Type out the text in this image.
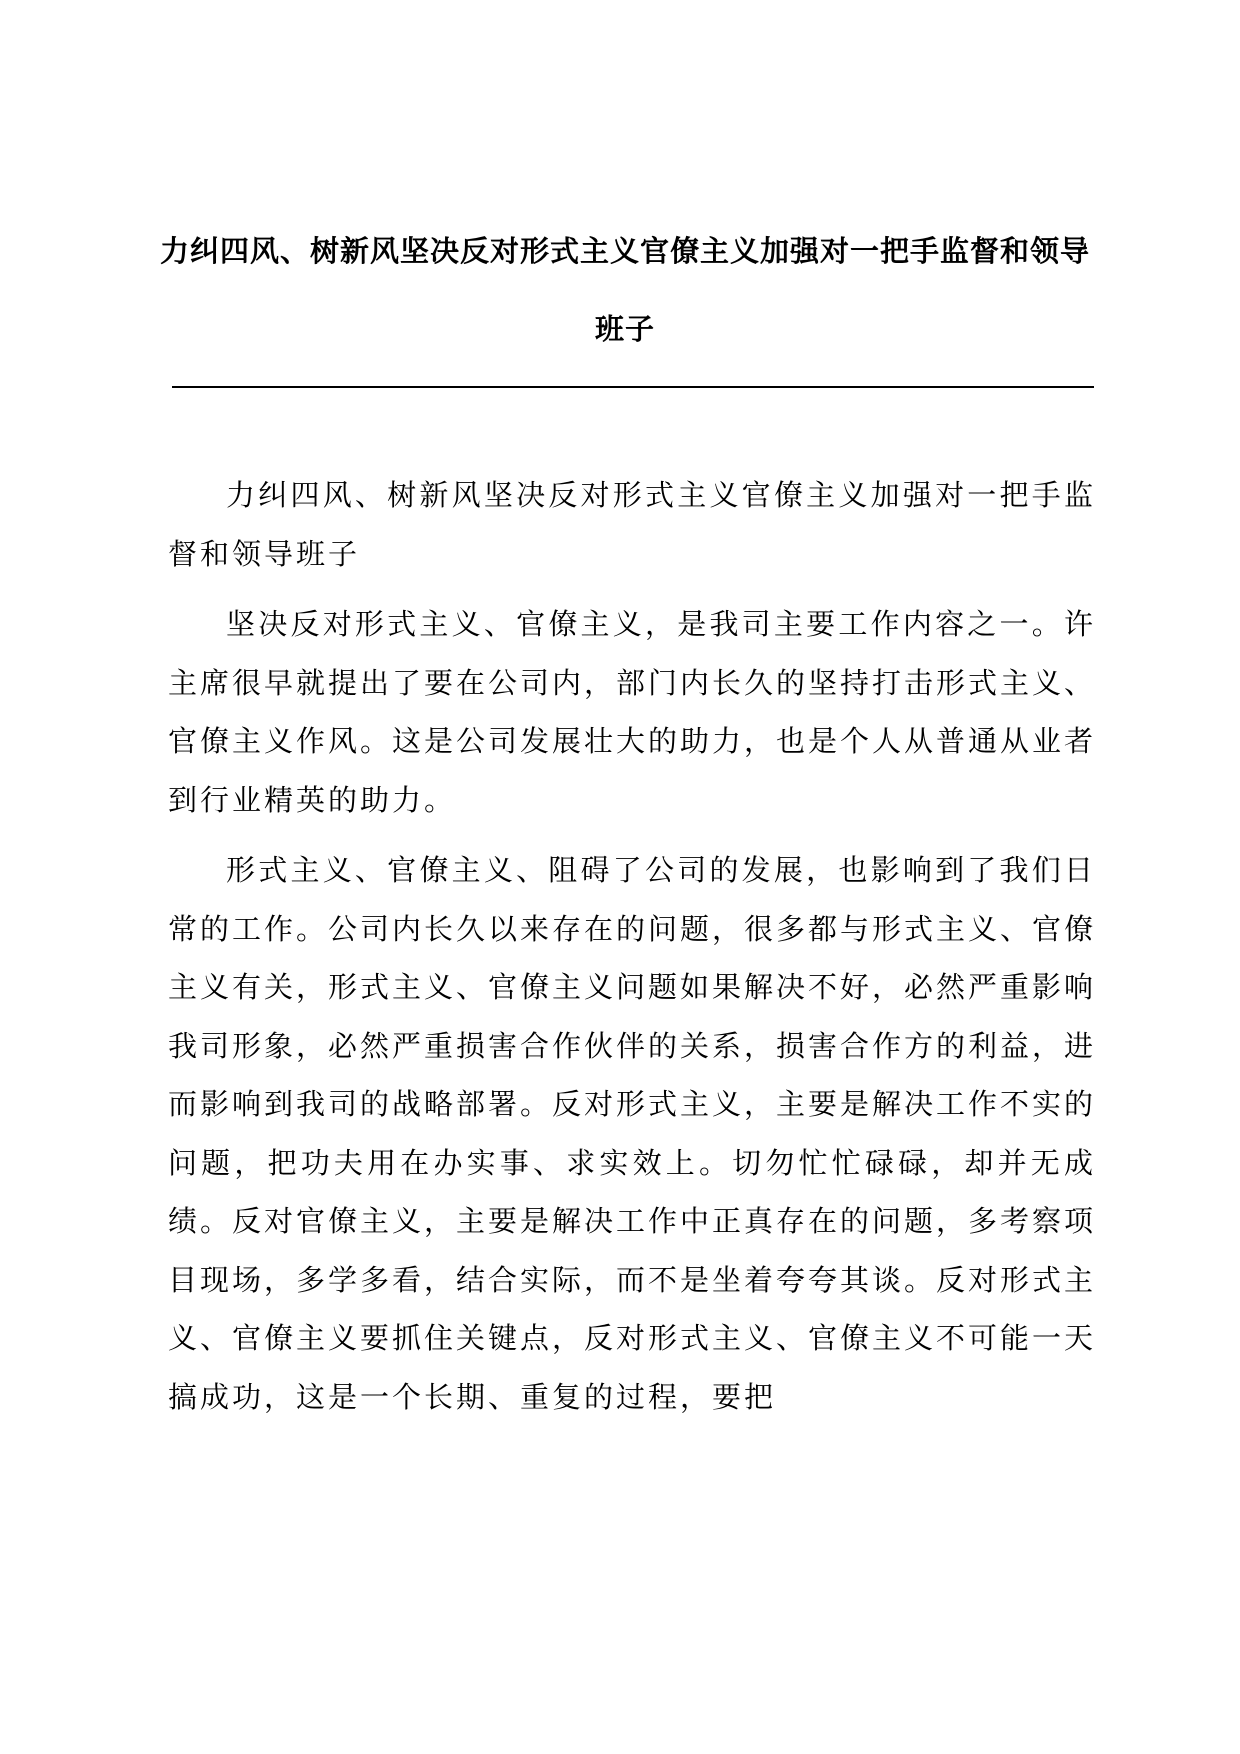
力纠四风、树新风坚决反对形式主义官僚主义加强对一把手监督和领导班子

力纠四风、树新风坚决反对形式主义官僚主义加强对一把手监督和领导班子

坚决反对形式主义、官僚主义，是我司主要工作内容之一。许主席很早就提出了要在公司内，部门内长久的坚持打击形式主义、官僚主义作风。这是公司发展壮大的助力，也是个人从普通从业者到行业精英的助力。

形式主义、官僚主义、阻碍了公司的发展，也影响到了我们日常的工作。公司内长久以来存在的问题，很多都与形式主义、官僚主义有关，形式主义、官僚主义问题如果解决不好，必然严重影响我司形象，必然严重损害合作伙伴的关系，损害合作方的利益，进而影响到我司的战略部署。反对形式主义，主要是解决工作不实的问题，把功夫用在办实事、求实效上。切勿忙忙碌碌，却并无成绩。反对官僚主义，主要是解决工作中正真存在的问题，多考察项目现场，多学多看，结合实际，而不是坐着夸夸其谈。反对形式主义、官僚主义要抓住关键点，反对形式主义、官僚主义不可能一天搞成功，这是一个长期、重复的过程，要把
